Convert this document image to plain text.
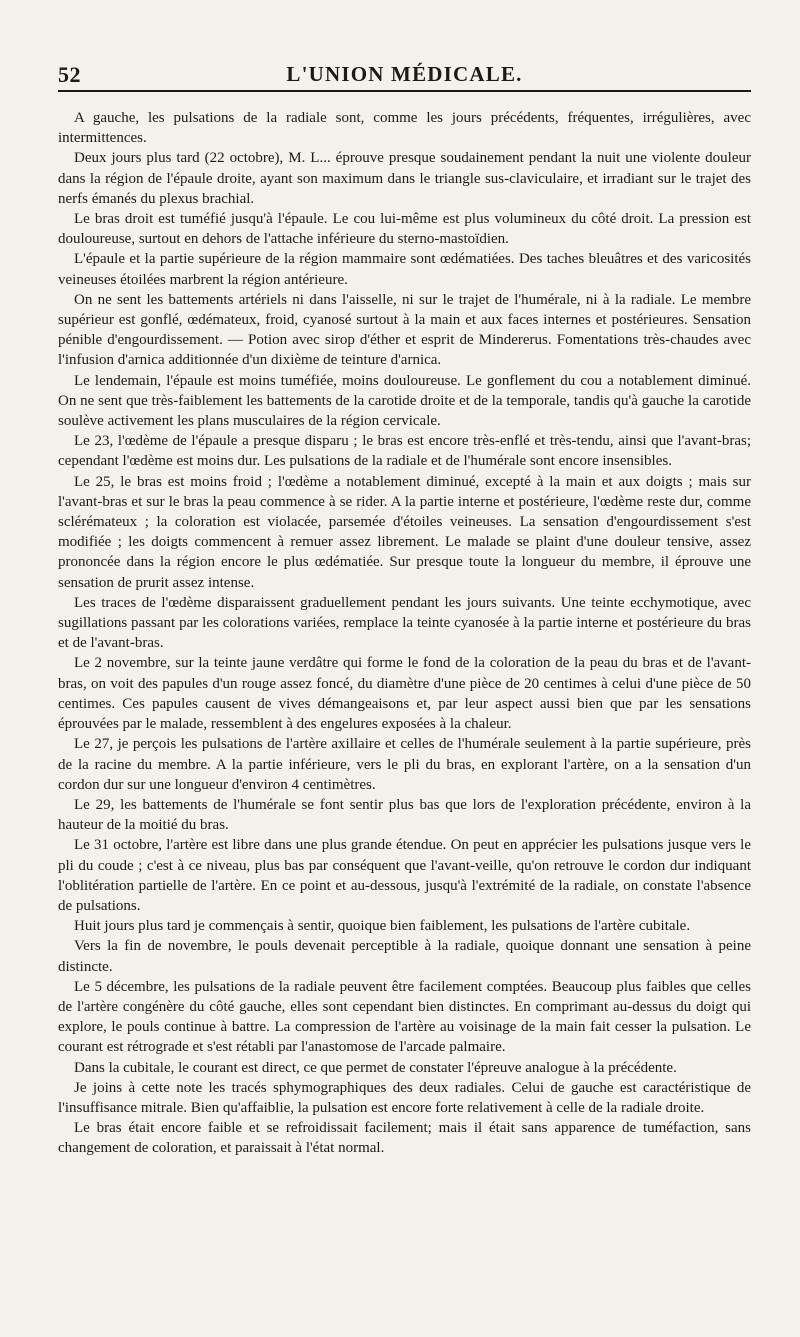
52	L'UNION MÉDICALE.

A gauche, les pulsations de la radiale sont, comme les jours précédents, fréquentes, irrégulières, avec intermittences.

Deux jours plus tard (22 octobre), M. L... éprouve presque soudainement pendant la nuit une violente douleur dans la région de l'épaule droite, ayant son maximum dans le triangle sus-claviculaire, et irradiant sur le trajet des nerfs émanés du plexus brachial.

Le bras droit est tuméfié jusqu'à l'épaule. Le cou lui-même est plus volumineux du côté droit. La pression est douloureuse, surtout en dehors de l'attache inférieure du sterno-mastoïdien.

L'épaule et la partie supérieure de la région mammaire sont œdématiées. Des taches bleuâtres et des varicosités veineuses étoilées marbrent la région antérieure.

On ne sent les battements artériels ni dans l'aisselle, ni sur le trajet de l'humérale, ni à la radiale. Le membre supérieur est gonflé, œdémateux, froid, cyanosé surtout à la main et aux faces internes et postérieures. Sensation pénible d'engourdissement. — Potion avec sirop d'éther et esprit de Mindererus. Fomentations très-chaudes avec l'infusion d'arnica additionnée d'un dixième de teinture d'arnica.

Le lendemain, l'épaule est moins tuméfiée, moins douloureuse. Le gonflement du cou a notablement diminué. On ne sent que très-faiblement les battements de la carotide droite et de la temporale, tandis qu'à gauche la carotide soulève activement les plans musculaires de la région cervicale.

Le 23, l'œdème de l'épaule a presque disparu ; le bras est encore très-enflé et très-tendu, ainsi que l'avant-bras; cependant l'œdème est moins dur. Les pulsations de la radiale et de l'humérale sont encore insensibles.

Le 25, le bras est moins froid ; l'œdème a notablement diminué, excepté à la main et aux doigts ; mais sur l'avant-bras et sur le bras la peau commence à se rider. A la partie interne et postérieure, l'œdème reste dur, comme sclérémateux ; la coloration est violacée, parsemée d'étoiles veineuses. La sensation d'engourdissement s'est modifiée ; les doigts commencent à remuer assez librement. Le malade se plaint d'une douleur tensive, assez prononcée dans la région encore le plus œdématiée. Sur presque toute la longueur du membre, il éprouve une sensation de prurit assez intense.

Les traces de l'œdème disparaissent graduellement pendant les jours suivants. Une teinte ecchymotique, avec sugillations passant par les colorations variées, remplace la teinte cyanosée à la partie interne et postérieure du bras et de l'avant-bras.

Le 2 novembre, sur la teinte jaune verdâtre qui forme le fond de la coloration de la peau du bras et de l'avant-bras, on voit des papules d'un rouge assez foncé, du diamètre d'une pièce de 20 centimes à celui d'une pièce de 50 centimes. Ces papules causent de vives démangeaisons et, par leur aspect aussi bien que par les sensations éprouvées par le malade, ressemblent à des engelures exposées à la chaleur.

Le 27, je perçois les pulsations de l'artère axillaire et celles de l'humérale seulement à la partie supérieure, près de la racine du membre. A la partie inférieure, vers le pli du bras, en explorant l'artère, on a la sensation d'un cordon dur sur une longueur d'environ 4 centimètres.

Le 29, les battements de l'humérale se font sentir plus bas que lors de l'exploration précédente, environ à la hauteur de la moitié du bras.

Le 31 octobre, l'artère est libre dans une plus grande étendue. On peut en apprécier les pulsations jusque vers le pli du coude ; c'est à ce niveau, plus bas par conséquent que l'avant-veille, qu'on retrouve le cordon dur indiquant l'oblitération partielle de l'artère. En ce point et au-dessous, jusqu'à l'extrémité de la radiale, on constate l'absence de pulsations.

Huit jours plus tard je commençais à sentir, quoique bien faiblement, les pulsations de l'artère cubitale.

Vers la fin de novembre, le pouls devenait perceptible à la radiale, quoique donnant une sensation à peine distincte.

Le 5 décembre, les pulsations de la radiale peuvent être facilement comptées. Beaucoup plus faibles que celles de l'artère congénère du côté gauche, elles sont cependant bien distinctes. En comprimant au-dessus du doigt qui explore, le pouls continue à battre. La compression de l'artère au voisinage de la main fait cesser la pulsation. Le courant est rétrograde et s'est rétabli par l'anastomose de l'arcade palmaire.

Dans la cubitale, le courant est direct, ce que permet de constater l'épreuve analogue à la précédente.

Je joins à cette note les tracés sphymographiques des deux radiales. Celui de gauche est caractéristique de l'insuffisance mitrale. Bien qu'affaiblie, la pulsation est encore forte relativement à celle de la radiale droite.

Le bras était encore faible et se refroidissait facilement; mais il était sans apparence de tuméfaction, sans changement de coloration, et paraissait à l'état normal.
